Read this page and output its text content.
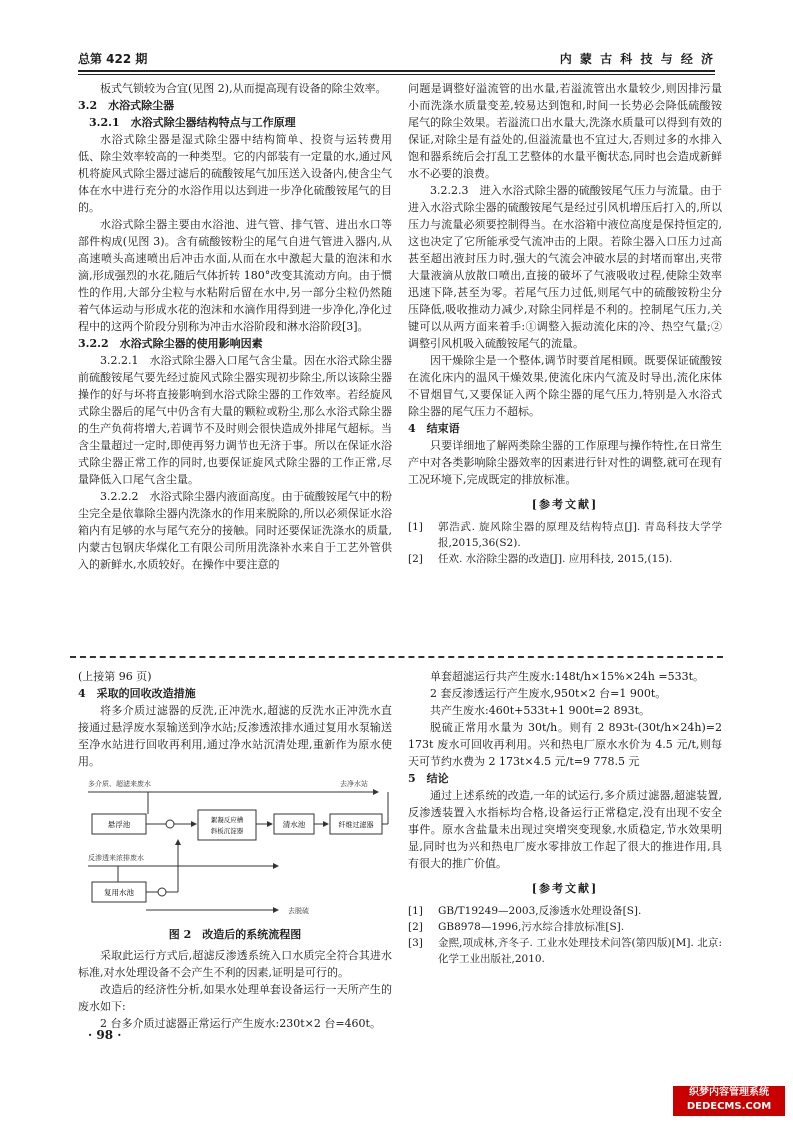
总第 422 期	内 蒙 古 科 技 与 经 济

板式气锁较为合宜(见图 2),从而提高现有设备的除尘效率。

3.2　水浴式除尘器

3.2.1　水浴式除尘器结构特点与工作原理

水浴式除尘器是湿式除尘器中结构简单、投资与运转费用低、除尘效率较高的一种类型。它的内部装有一定量的水,通过风机将旋风式除尘器过滤后的硫酸铵尾气加压送入设备内,使含尘气体在水中进行充分的水浴作用以达到进一步净化硫酸铵尾气的目的。

水浴式除尘器主要由水浴池、进气管、排气管、进出水口等部件构成(见图 3)。含有硫酸铵粉尘的尾气自进气管进入器内,从高速喷头高速喷出后冲击水面,从而在水中激起大量的泡沫和水滴,形成强烈的水花,随后气体折转 180°改变其流动方向。由于惯性的作用,大部分尘粒与水粘附后留在水中,另一部分尘粒仍然随着气体运动与形成水花的泡沫和水滴作用得到进一步净化,净化过程中的这两个阶段分别称为冲击水浴阶段和淋水浴阶段[3]。

3.2.2　水浴式除尘器的使用影响因素

3.2.2.1　水浴式除尘器入口尾气含尘量。因在水浴式除尘器前硫酸铵尾气要先经过旋风式除尘器实现初步除尘,所以该除尘器操作的好与坏将直接影响到水浴式除尘器的工作效率。若经旋风式除尘器后的尾气中仍含有大量的颗粒或粉尘,那么水浴式除尘器的生产负荷将增大,若调节不及时则会很快造成外排尾气超标。当含尘量超过一定时,即使再努力调节也无济于事。所以在保证水浴式除尘器正常工作的同时,也要保证旋风式除尘器的工作正常,尽量降低入口尾气含尘量。

3.2.2.2　水浴式除尘器内液面高度。由于硫酸铵尾气中的粉尘完全是依靠除尘器内洗涤水的作用来脱除的,所以必须保证水浴箱内有足够的水与尾气充分的接触。同时还要保证洗涤水的质量,内蒙古包钢庆华煤化工有限公司所用洗涤补水来自于工艺外管供入的新鲜水,水质较好。在操作中要注意的

问题是调整好溢流管的出水量,若溢流管出水量较少,则因排污量小而洗涤水质量变差,较易达到饱和,时间一长势必会降低硫酸铵尾气的除尘效果。若溢流口出水量大,洗涤水质量可以得到有效的保证,对除尘是有益处的,但溢流量也不宜过大,否则过多的水排入饱和器系统后会打乱工艺整体的水量平衡状态,同时也会造成新鲜水不必要的浪费。

3.2.2.3　进入水浴式除尘器的硫酸铵尾气压力与流量。由于进入水浴式除尘器的硫酸铵尾气是经过引风机增压后打入的,所以压力与流量必须要控制得当。在水浴箱中液位高度是保持恒定的,这也决定了它所能承受气流冲击的上限。若除尘器入口压力过高甚至超出液封压力时,强大的气流会冲破水层的封堵而窜出,夹带大量液滴从放散口喷出,直接的破坏了气液吸收过程,使除尘效率迅速下降,甚至为零。若尾气压力过低,则尾气中的硫酸铵粉尘分压降低,吸收推动力减少,对除尘同样是不利的。控制尾气压力,关键可以从两方面来着手:①调整入振动流化床的冷、热空气量;②调整引风机吸入硫酸铵尾气的流量。

因干燥除尘是一个整体,调节时要首尾相顾。既要保证硫酸铵在流化床内的温风干燥效果,使流化床内气流及时导出,流化床体不冒烟冒气,又要保证入两个除尘器的尾气压力,特别是入水浴式除尘器的尾气压力不超标。

4　结束语

只要详细地了解两类除尘器的工作原理与操作特性,在日常生产中对各类影响除尘器效率的因素进行针对性的调整,就可在现有工况环境下,完成既定的排放标准。

[参考文献]
[1]	郭浩武. 旋风除尘器的原理及结构特点[J]. 青岛科技大学学报,2015,36(S2).
[2]	任欢. 水浴除尘器的改造[J]. 应用科技, 2015,(15).

(上接第 96 页)

4　采取的回收改造措施

将多介质过滤器的反洗,正冲洗水,超滤的反洗水正冲洗水直接通过悬浮废水泵输送到净水站;反渗透浓排水通过复用水泵输送至净水站进行回收再利用,通过净水站沉清处理,重新作为原水使用。

多介质、超滤来废水	去净水站
悬浮池	絮凝反应槽
斜板沉淀器
清水池	纤维过滤器
反渗透来浓排废水
复用水池
去脱硫
图 2　改造后的系统流程图

采取此运行方式后,超滤反渗透系统入口水质完全符合其进水标准,对水处理设备不会产生不利的因素,证明是可行的。

改造后的经济性分析,如果水处理单套设备运行一天所产生的废水如下:

2 台多介质过滤器正常运行产生废水:230t×2 台=460t。

单套超滤运行共产生废水:148t/h×15%×24h =533t。

2 套反渗透运行产生废水,950t×2 台=1 900t。

共产生废水:460t+533t+1 900t=2 893t。

脱硫正常用水量为 30t/h。则有 2 893t-(30t/h×24h)=2 173t 废水可回收再利用。兴和热电厂原水水价为 4.5 元/t,则每天可节约水费为 2 173t×4.5 元/t=9 778.5 元

5　结论

通过上述系统的改造,一年的试运行,多介质过滤器,超滤装置,反渗透装置入水指标均合格,设备运行正常稳定,没有出现不安全事件。原水含盐量未出现过突增突变现象,水质稳定,节水效果明显,同时也为兴和热电厂废水零排放工作起了很大的推进作用,具有很大的推广价值。

[参考文献]
[1]	GB/T19249—2003,反渗透水处理设备[S].
[2]	GB8978—1996,污水综合排放标准[S].
[3]	金熙,项成林,齐冬子. 工业水处理技术问答(第四版)[M]. 北京:化学工业出版社,2010.
· 98 ·
织梦内容管理系统
DEDECMS.COM
